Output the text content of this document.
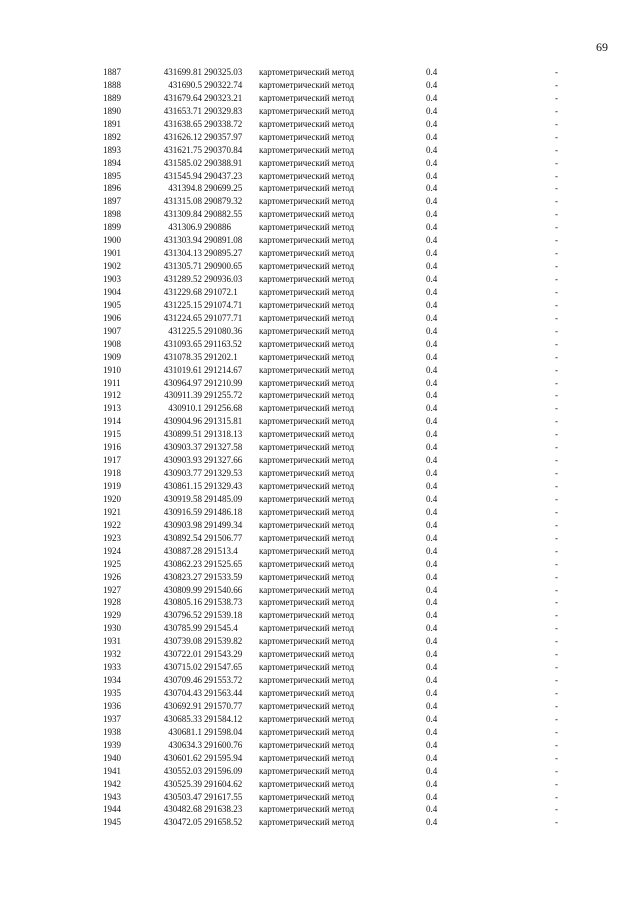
69
1887	431699.81 290325.03 картометрический метод	0.4	-
1888	431690.5 290322.74 картометрический метод	0.4	-
1889	431679.64 290323.21 картометрический метод	0.4	-
1890	431653.71 290329.83 картометрический метод	0.4	-
1891	431638.65 290338.72 картометрический метод	0.4	-
1892	431626.12 290357.97 картометрический метод	0.4	-
1893	431621.75 290370.84 картометрический метод	0.4	-
1894	431585.02 290388.91 картометрический метод	0.4	-
1895	431545.94 290437.23 картометрический метод	0.4	-
1896	431394.8 290699.25 картометрический метод	0.4	-
1897	431315.08 290879.32 картометрический метод	0.4	-
1898	431309.84 290882.55 картометрический метод	0.4	-
1899	431306.9 290886	картометрический метод	0.4	-
1900	431303.94 290891.08 картометрический метод	0.4	-
1901	431304.13 290895.27 картометрический метод	0.4	-
1902	431305.71 290900.65 картометрический метод	0.4	-
1903	431289.52 290936.03 картометрический метод	0.4	-
1904	431229.68 291072.1 картометрический метод	0.4	-
1905	431225.15 291074.71 картометрический метод	0.4	-
1906	431224.65 291077.71 картометрический метод	0.4	-
1907	431225.5 291080.36 картометрический метод	0.4	-
1908	431093.65 291163.52 картометрический метод	0.4	-
1909	431078.35 291202.1 картометрический метод	0.4	-
1910	431019.61 291214.67 картометрический метод	0.4	-
1911	430964.97 291210.99 картометрический метод	0.4	-
1912	430911.39 291255.72 картометрический метод	0.4	-
1913	430910.1 291256.68 картометрический метод	0.4	-
1914	430904.96 291315.81 картометрический метод	0.4	-
1915	430899.51 291318.13 картометрический метод	0.4	-
1916	430903.37 291327.58 картометрический метод	0.4	-
1917	430903.93 291327.66 картометрический метод	0.4	-
1918	430903.77 291329.53 картометрический метод	0.4	-
1919	430861.15 291329.43 картометрический метод	0.4	-
1920	430919.58 291485.09 картометрический метод	0.4	-
1921	430916.59 291486.18 картометрический метод	0.4	-
1922	430903.98 291499.34 картометрический метод	0.4	-
1923	430892.54 291506.77 картометрический метод	0.4	-
1924	430887.28 291513.4 картометрический метод	0.4	-
1925	430862.23 291525.65 картометрический метод	0.4	-
1926	430823.27 291533.59 картометрический метод	0.4	-
1927	430809.99 291540.66 картометрический метод	0.4	-
1928	430805.16 291538.73 картометрический метод	0.4	-
1929	430796.52 291539.18 картометрический метод	0.4	-
1930	430785.99 291545.4 картометрический метод	0.4	-
1931	430739.08 291539.82 картометрический метод	0.4	-
1932	430722.01 291543.29 картометрический метод	0.4	-
1933	430715.02 291547.65 картометрический метод	0.4	-
1934	430709.46 291553.72 картометрический метод	0.4	-
1935	430704.43 291563.44 картометрический метод	0.4	-
1936	430692.91 291570.77 картометрический метод	0.4	-
1937	430685.33 291584.12 картометрический метод	0.4	-
1938	430681.1 291598.04 картометрический метод	0.4	-
1939	430634.3 291600.76 картометрический метод	0.4	-
1940	430601.62 291595.94 картометрический метод	0.4	-
1941	430552.03 291596.09 картометрический метод	0.4	-
1942	430525.39 291604.62 картометрический метод	0.4	-
1943	430503.47 291617.55 картометрический метод	0.4	-
1944	430482.68 291638.23 картометрический метод	0.4	-
1945	430472.05 291658.52 картометрический метод	0.4	-
